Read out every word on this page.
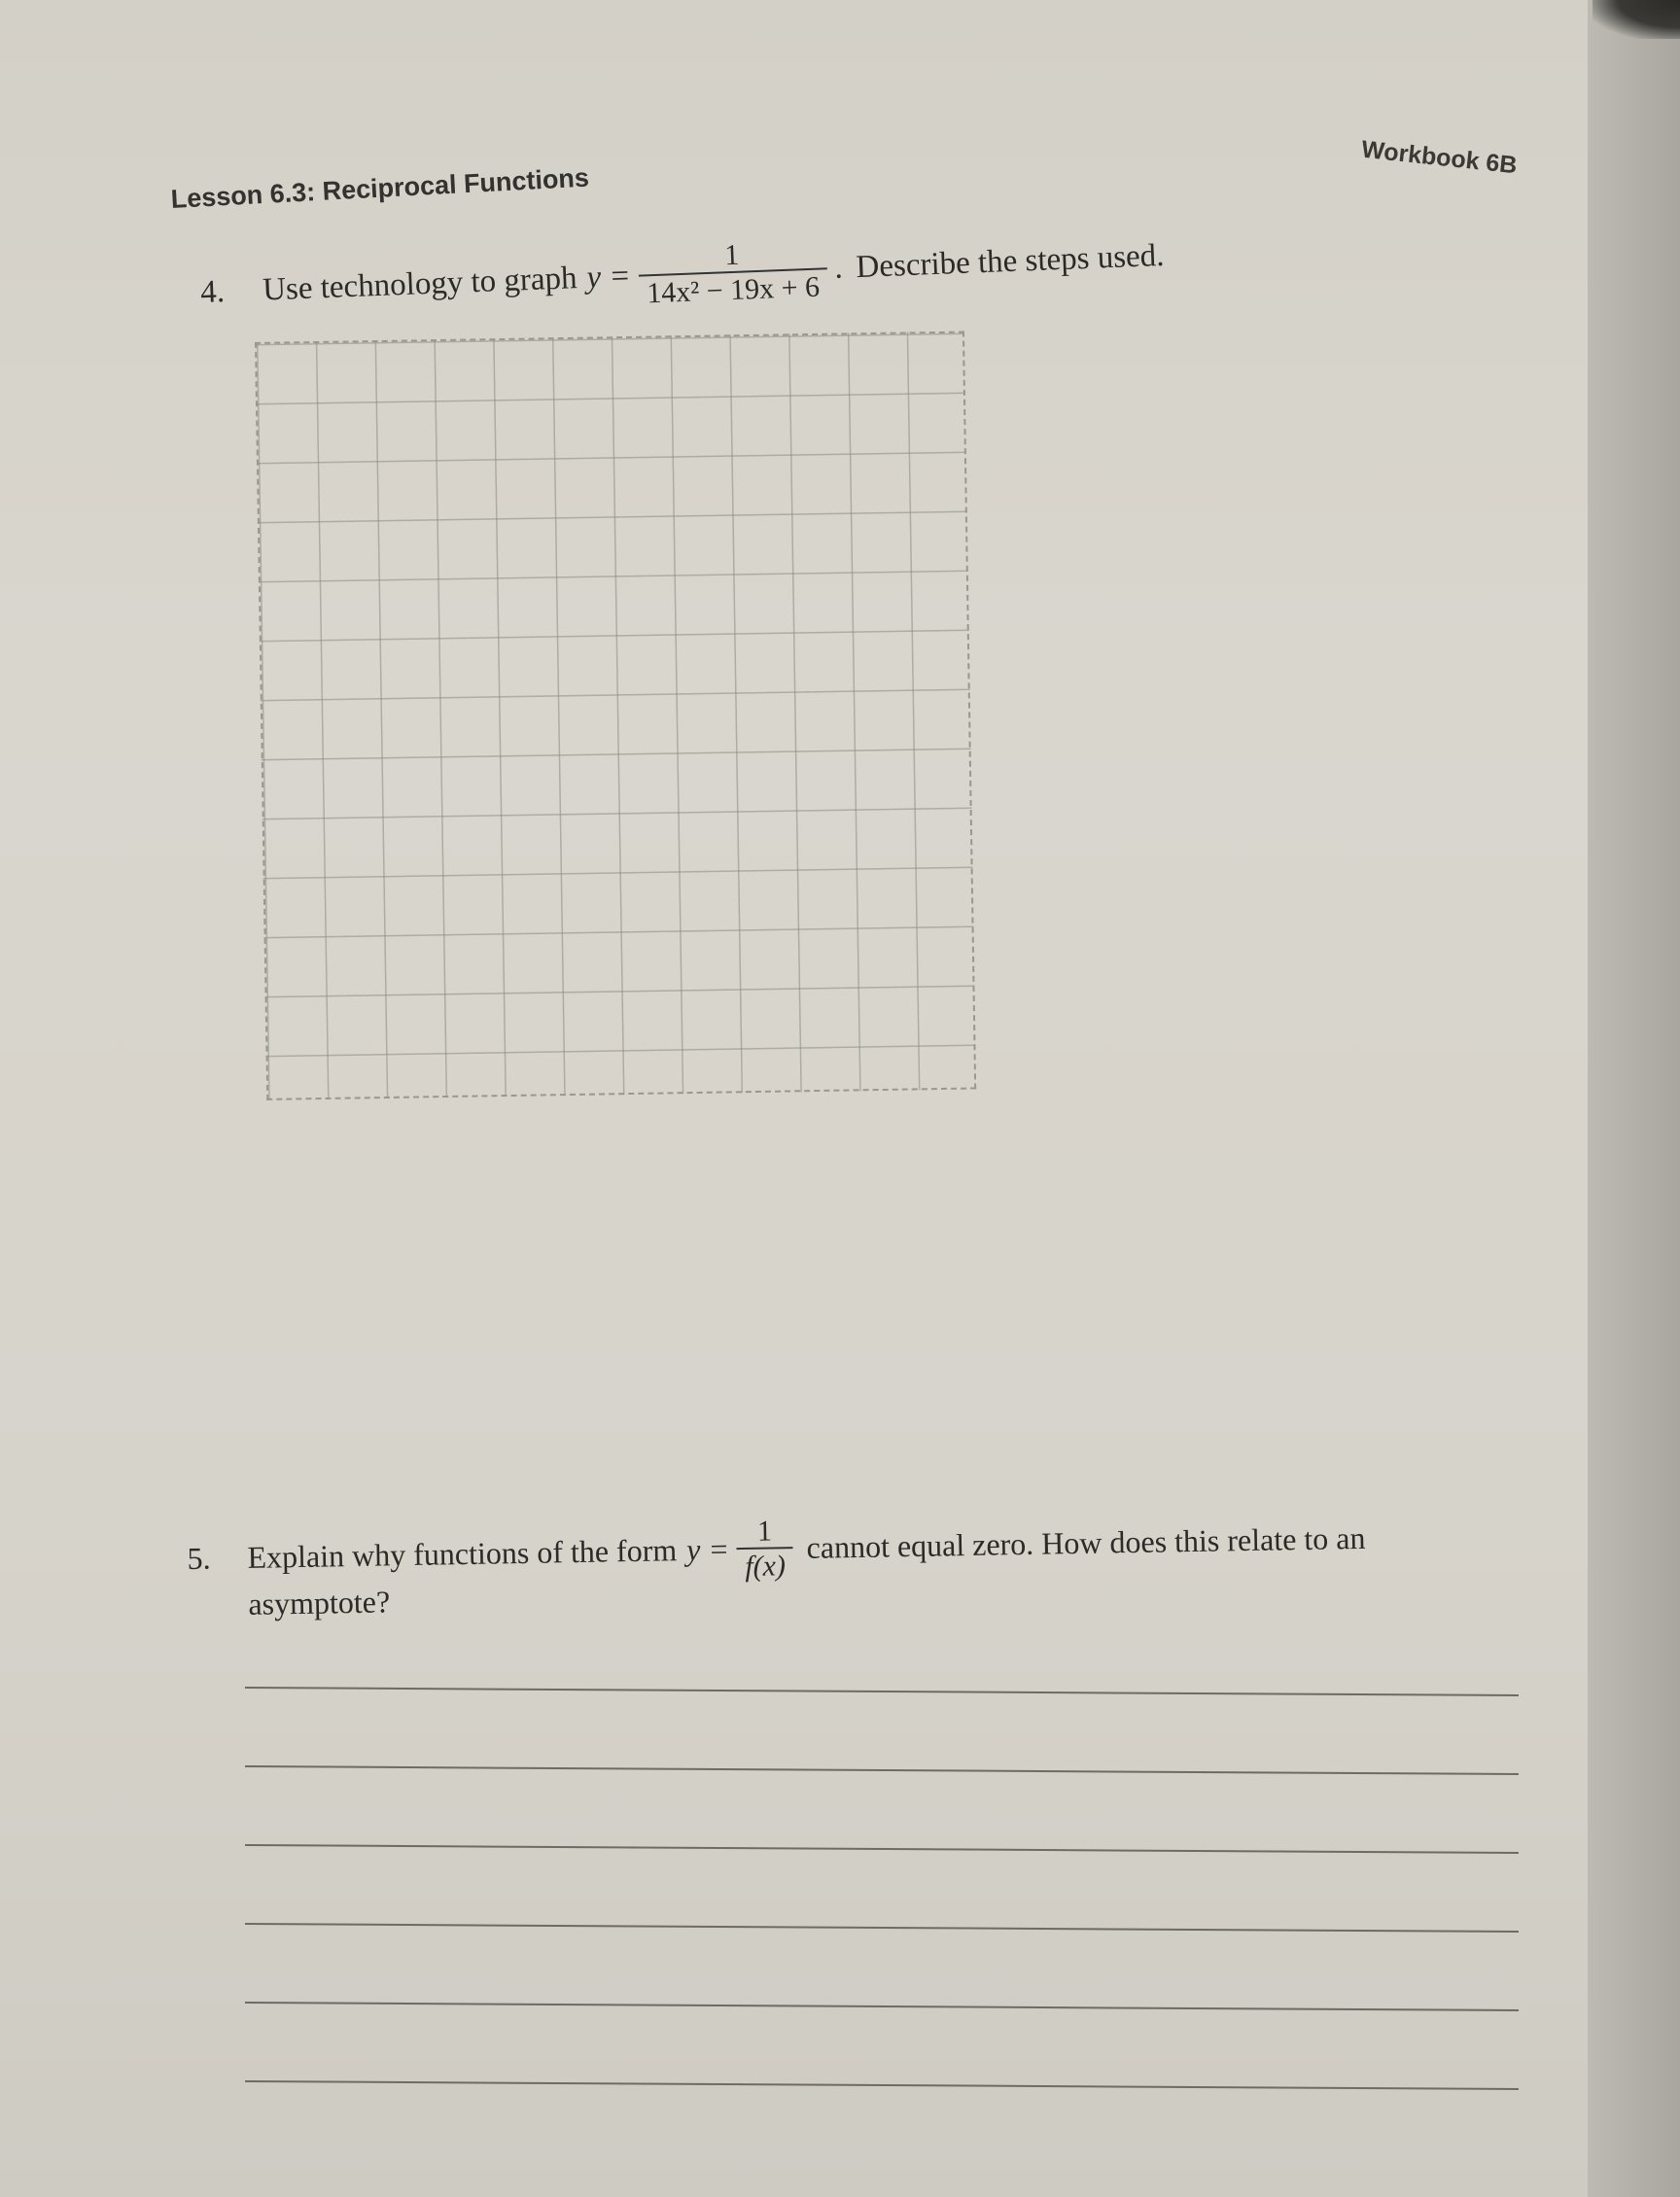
Workbook 6B
Lesson 6.3: Reciprocal Functions
4.	Use technology to graph $y = \frac{1}{\text{14x² − 19x + 6}}$ . Describe the steps used.
5.	Explain why functions of the form $y = \frac{1}{f(x)}$ cannot equal zero. How does this relate to an
asymptote?
